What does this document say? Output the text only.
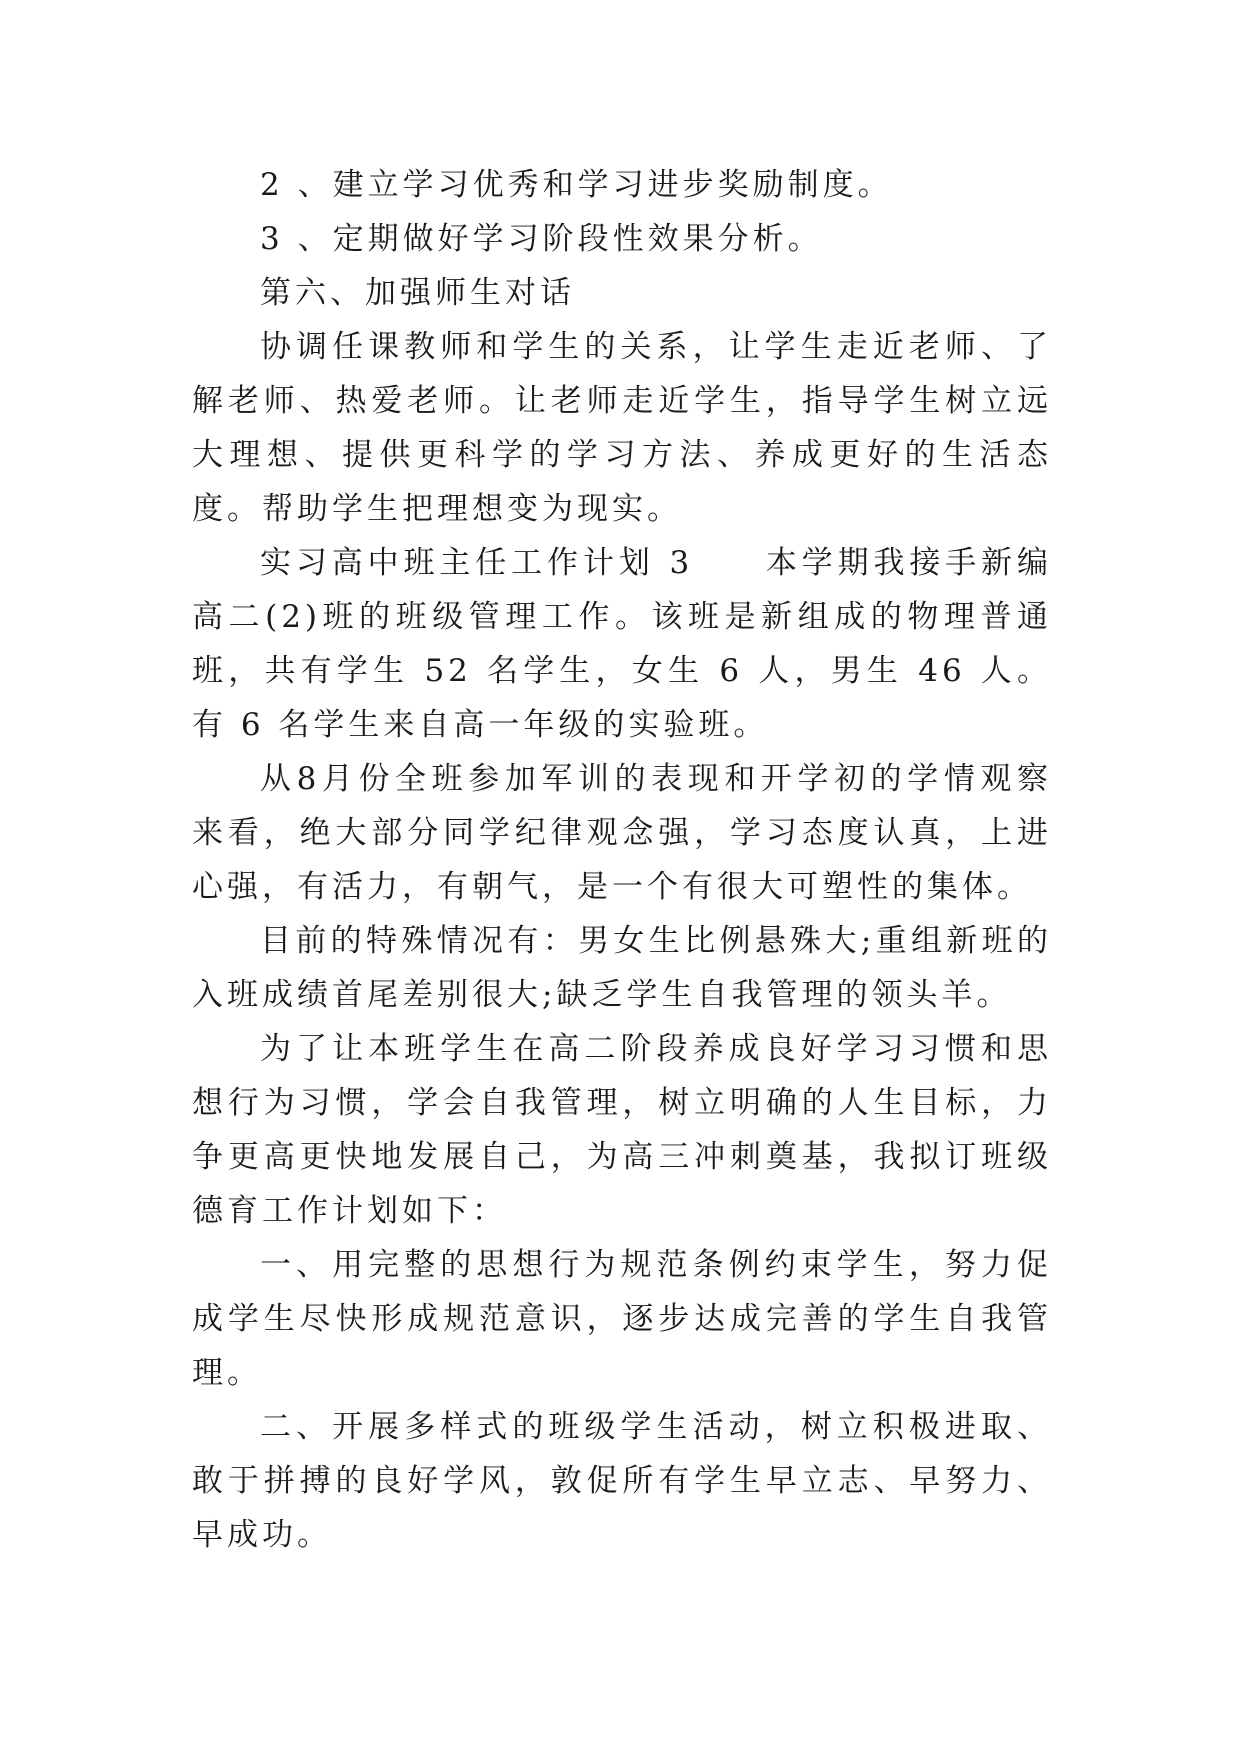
2 、建立学习优秀和学习进步奖励制度。

3 、定期做好学习阶段性效果分析。

第六、加强师生对话

协调任课教师和学生的关系，让学生走近老师、了解老师、热爱老师。让老师走近学生，指导学生树立远大理想、提供更科学的学习方法、养成更好的生活态度。帮助学生把理想变为现实。

实习高中班主任工作计划 3　　本学期我接手新编高二(2)班的班级管理工作。该班是新组成的物理普通班，共有学生 52 名学生，女生 6 人，男生 46 人。有 6 名学生来自高一年级的实验班。

从8月份全班参加军训的表现和开学初的学情观察来看，绝大部分同学纪律观念强，学习态度认真，上进心强，有活力，有朝气，是一个有很大可塑性的集体。

目前的特殊情况有：男女生比例悬殊大;重组新班的入班成绩首尾差别很大;缺乏学生自我管理的领头羊。

为了让本班学生在高二阶段养成良好学习习惯和思想行为习惯，学会自我管理，树立明确的人生目标，力争更高更快地发展自己，为高三冲刺奠基，我拟订班级德育工作计划如下：

一、用完整的思想行为规范条例约束学生，努力促成学生尽快形成规范意识，逐步达成完善的学生自我管理。

二、开展多样式的班级学生活动，树立积极进取、敢于拼搏的良好学风，敦促所有学生早立志、早努力、早成功。
